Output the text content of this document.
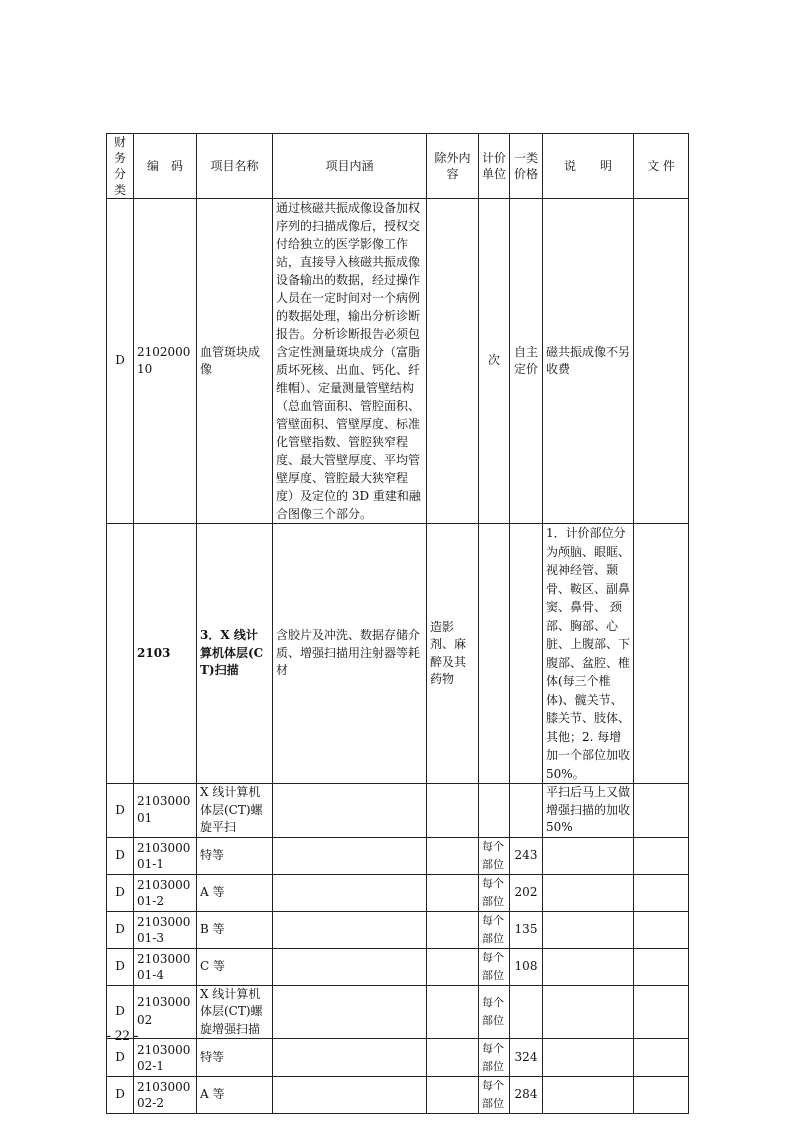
财务分类	编　码	项目名称	项目内涵	除外内容	计价单位	一类价格	说　　明	文 件
D	210200010	血管斑块成像	通过核磁共振成像设备加权序列的扫描成像后，授权交付给独立的医学影像工作站，直接导入核磁共振成像设备输出的数据，经过操作人员在一定时间对一个病例的数据处理，输出分析诊断报告。分析诊断报告必须包含定性测量斑块成分（富脂质坏死核、出血、钙化、纤维帽）、定量测量管壁结构（总血管面积、管腔面积、管壁面积、管壁厚度、标准化管壁指数、管腔狭窄程度、最大管壁厚度、平均管壁厚度、管腔最大狭窄程度）及定位的 3D 重建和融合图像三个部分。		次	自主定价	磁共振成像不另收费	
	2103	3．X 线计算机体层(CT)扫描	含胶片及冲洗、数据存储介质、增强扫描用注射器等耗材	造影剂、麻醉及其药物			1．计价部位分为颅脑、眼眶、视神经管、颞骨、鞍区、副鼻窦、鼻骨、 颈部、胸部、心脏、上腹部、下腹部、盆腔、椎体(每三个椎体)、髋关节、膝关节、肢体、其他；2. 每增加一个部位加收 50%。	
D	210300001	X 线计算机体层(CT)螺旋平扫					平扫后马上又做增强扫描的加收 50%	
D	210300001-1	特等			每个部位	243		
D	210300001-2	A 等			每个部位	202		
D	210300001-3	B 等			每个部位	135		
D	210300001-4	C 等			每个部位	108		
D	210300002	X 线计算机体层(CT)螺旋增强扫描			每个部位			
D	210300002-1	特等			每个部位	324		
D	210300002-2	A 等			每个部位	284		
- 22 -
